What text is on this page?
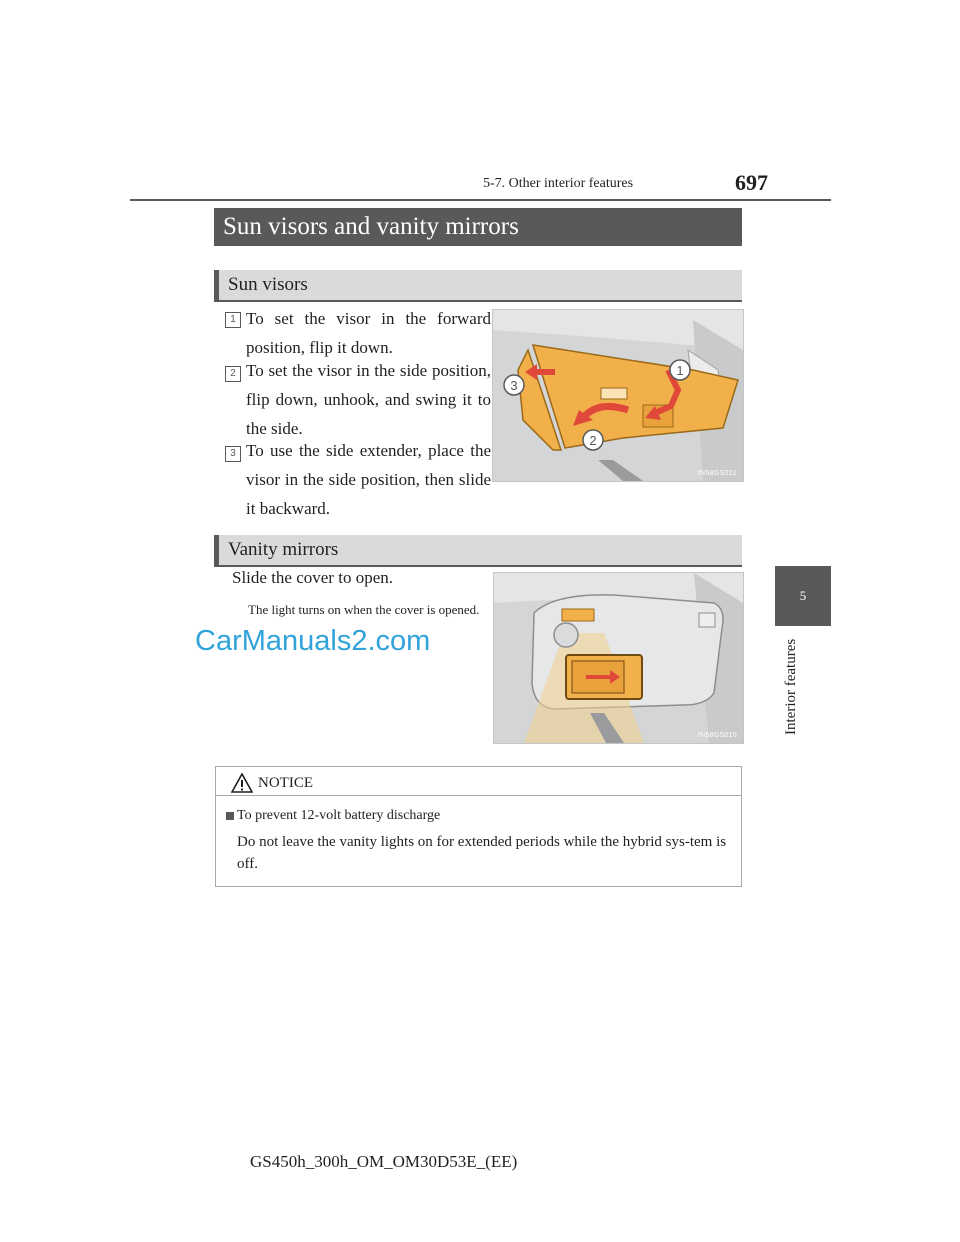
697
5-7. Other interior features
5
Interior features
Sun visors and vanity mirrors
Sun visors
1 To set the visor in the forward position, flip it down.
2 To set the visor in the side position, flip down, unhook, and swing it to the side.
3 To use the side extender, place the visor in the side position, then slide it backward.
1
2
3
IN58GS021
Vanity mirrors
Slide the cover to open.
The light turns on when the cover is opened.
IN58GS010
CarManuals2.com
NOTICE
To prevent 12-volt battery discharge
Do not leave the vanity lights on for extended periods while the hybrid sys-tem is off.
GS450h_300h_OM_OM30D53E_(EE)
